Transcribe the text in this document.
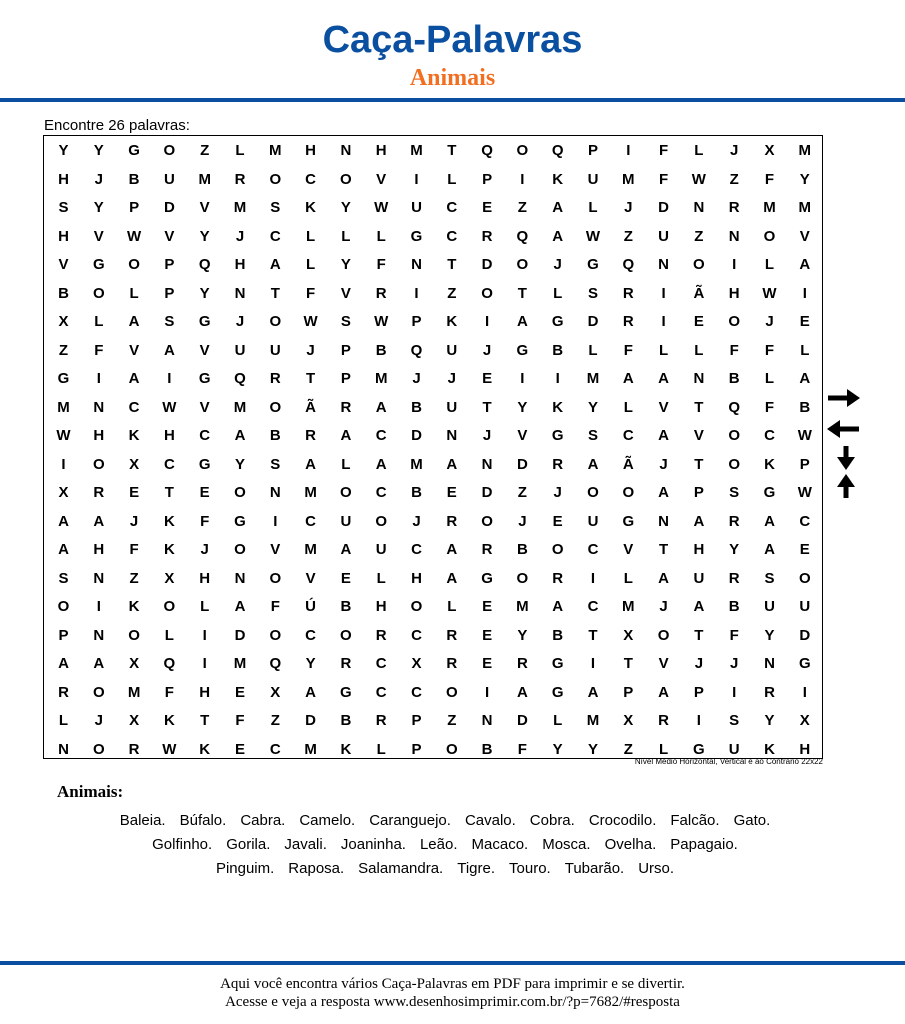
Caça-Palavras
Animais
Encontre 26 palavras:
Y	Y	G	O	Z	L	M	H	N	H	M	T	Q	O	Q	P	I	F	L	J	X	M
H	J	B	U	M	R	O	C	O	V	I	L	P	I	K	U	M	F	W	Z	F	Y
S	Y	P	D	V	M	S	K	Y	W	U	C	E	Z	A	L	J	D	N	R	M	M
H	V	W	V	Y	J	C	L	L	L	G	C	R	Q	A	W	Z	U	Z	N	O	V
V	G	O	P	Q	H	A	L	Y	F	N	T	D	O	J	G	Q	N	O	I	L	A
B	O	L	P	Y	N	T	F	V	R	I	Z	O	T	L	S	R	I	Ã	H	W	I
X	L	A	S	G	J	O	W	S	W	P	K	I	A	G	D	R	I	E	O	J	E
Z	F	V	A	V	U	U	J	P	B	Q	U	J	G	B	L	F	L	L	F	F	L
G	I	A	I	G	Q	R	T	P	M	J	J	E	I	I	M	A	A	N	B	L	A
M	N	C	W	V	M	O	Ã	R	A	B	U	T	Y	K	Y	L	V	T	Q	F	B
W	H	K	H	C	A	B	R	A	C	D	N	J	V	G	S	C	A	V	O	C	W
I	O	X	C	G	Y	S	A	L	A	M	A	N	D	R	A	Ã	J	T	O	K	P
X	R	E	T	E	O	N	M	O	C	B	E	D	Z	J	O	O	A	P	S	G	W
A	A	J	K	F	G	I	C	U	O	J	R	O	J	E	U	G	N	A	R	A	C
A	H	F	K	J	O	V	M	A	U	C	A	R	B	O	C	V	T	H	Y	A	E
S	N	Z	X	H	N	O	V	E	L	H	A	G	O	R	I	L	A	U	R	S	O
O	I	K	O	L	A	F	Ú	B	H	O	L	E	M	A	C	M	J	A	B	U	U
P	N	O	L	I	D	O	C	O	R	C	R	E	Y	B	T	X	O	T	F	Y	D
A	A	X	Q	I	M	Q	Y	R	C	X	R	E	R	G	I	T	V	J	J	N	G
R	O	M	F	H	E	X	A	G	C	C	O	I	A	G	A	P	A	P	I	R	I
L	J	X	K	T	F	Z	D	B	R	P	Z	N	D	L	M	X	R	I	S	Y	X
N	O	R	W	K	E	C	M	K	L	P	O	B	F	Y	Y	Z	L	G	U	K	H
Nível Médio Horizontal, Vertical e ao Contrário 22x22
Animais:
Baleia. Búfalo. Cabra. Camelo. Caranguejo. Cavalo. Cobra. Crocodilo. Falcão. Gato.
Golfinho. Gorila. Javali. Joaninha. Leão. Macaco. Mosca. Ovelha. Papagaio.
Pinguim. Raposa. Salamandra. Tigre. Touro. Tubarão. Urso.
Aqui você encontra vários Caça-Palavras em PDF para imprimir e se divertir.
Acesse e veja a resposta www.desenhosimprimir.com.br/?p=7682/#resposta
